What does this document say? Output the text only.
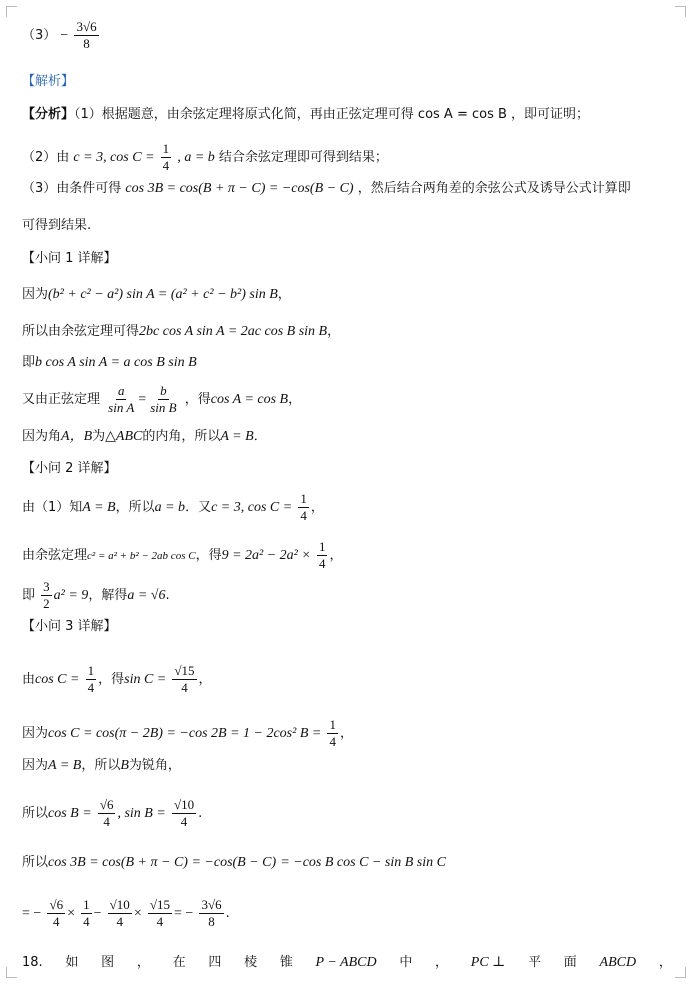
$(3) - \frac{3√6}{8}$
【解析】
【分析】（1）根据题意，由余弦定理将原式化简，再由正弦定理可得 cos A = cos B ，即可证明；
（2）由 c = 3, $\cos C = \frac{1}{4}$ , a = b 结合余弦定理即可得到结果；
（3）由条件可得 cos 3B = cos(B + π − C) = −cos(B − C) ，然后结合两角差的余弦公式及诱导公式计算即
可得到结果.
【小问 1 详解】
因为(b² + c² − a²) sin A = (a² + c² − b²) sin B，
所以由余弦定理可得2bc cos A sin A = 2ac cos B sin B，
即b cos A sin A = a cos B sin B
又由正弦定理 $\frac{a}{\text{sin A}} = \frac{b}{\text{sin B}}$ ，得cos A = cos B，
因为角A，B为△ABC的内角，所以A = B．
【小问 2 详解】
由（1）知A = B，所以a = b．又c = 3, $\cos C = \frac{1}{4}$ ，
由余弦定理c² = a² + b² − 2ab cos C，得$9 = 2a^2 - 2a^2 \times \frac{1}{4}$ ，
即 $\frac{3}{2} a^2 = 9$，解得a = √6.
【小问 3 详解】
由$\cos C = \frac{1}{4}$ ，得$\sin C = \frac{√15}{4}$ ，
因为cos C = cos(π − 2B) = −cos 2B = 1 − 2cos² $B = \frac{1}{4}$ ，
因为A = B，所以B为锐角，
所以$\cos B = \frac{√6}{4}$ , $\sin B = \frac{√10}{4}$ .
所以cos 3B = cos(B + π − C) = −cos(B − C) = −cos B cos C − sin B sin C
= − $\frac{√6}{4} \times \frac{1}{4} - \frac{√10}{4} \times \frac{√15}{4}$ = − $\frac{3√6}{8}$ .
18. 如 图 ， 在 四 棱 锥 P − ABCD 中 ， PC ⊥ 平 面 ABCD ，
